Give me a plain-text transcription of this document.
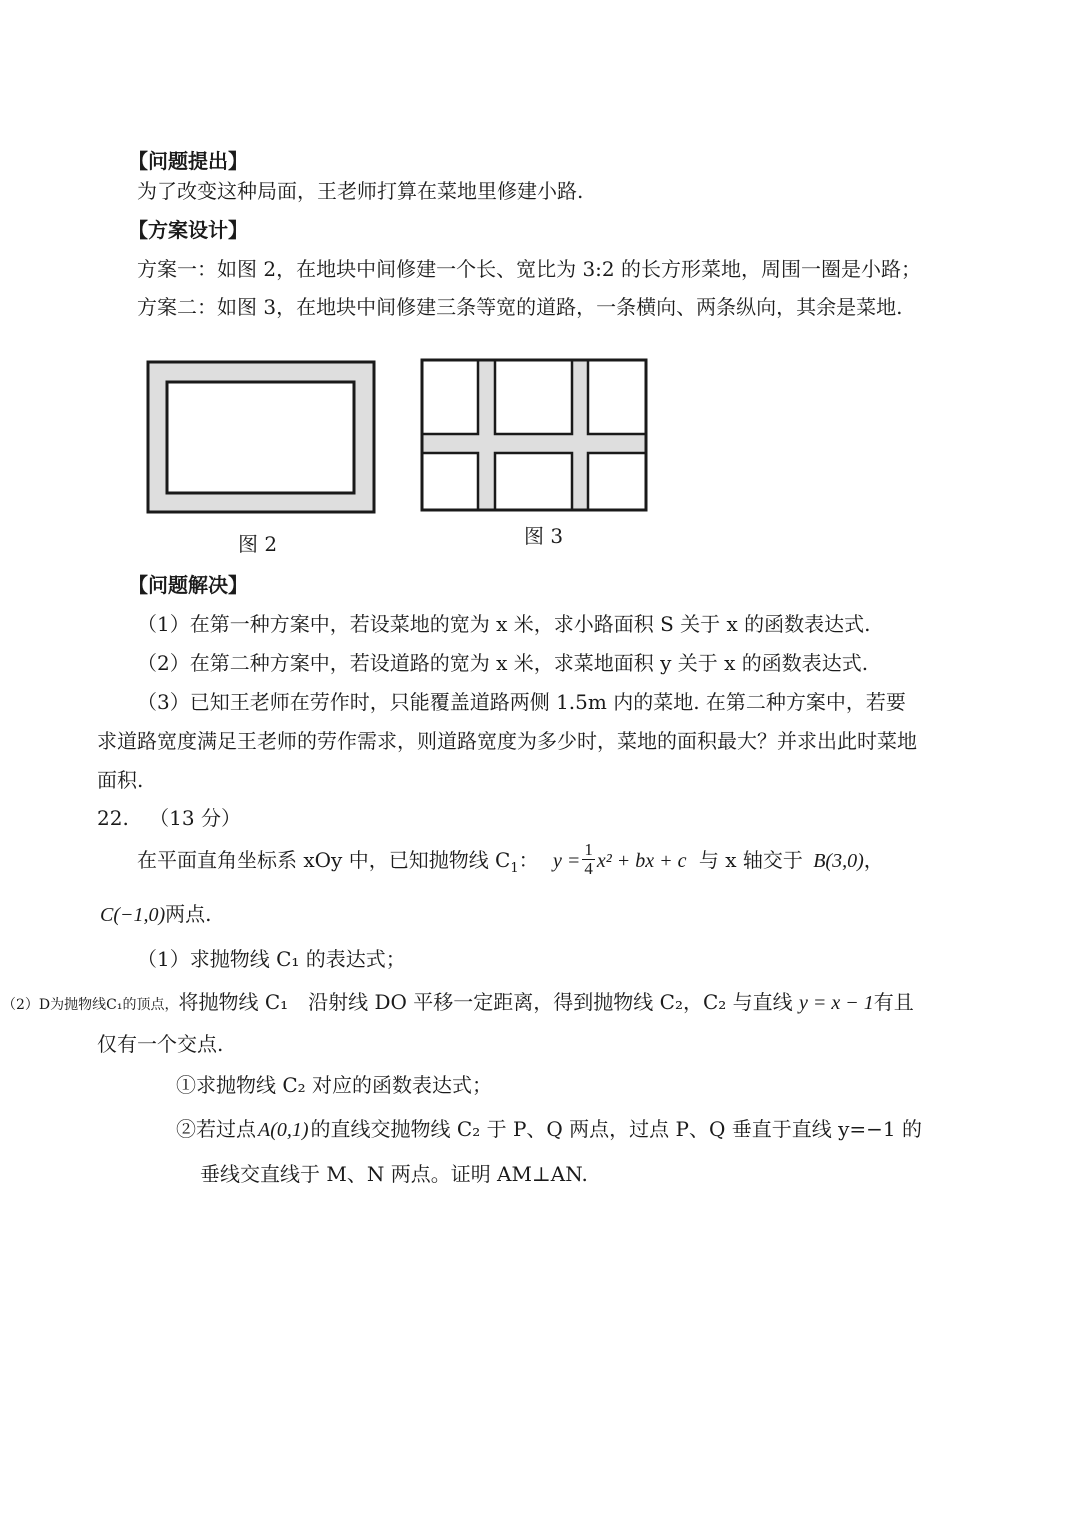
【问题提出】
为了改变这种局面，王老师打算在菜地里修建小路.
【方案设计】
方案一：如图 2，在地块中间修建一个长、宽比为 3:2 的长方形菜地，周围一圈是小路；
方案二：如图 3，在地块中间修建三条等宽的道路，一条横向、两条纵向，其余是菜地.
图 2	图 3
【问题解决】
（1）在第一种方案中，若设菜地的宽为 x 米，求小路面积 S 关于 x 的函数表达式.
（2）在第二种方案中，若设道路的宽为 x 米，求菜地面积 y 关于 x 的函数表达式.
（3）已知王老师在劳作时，只能覆盖道路两侧 1.5m 内的菜地. 在第二种方案中，若要
求道路宽度满足王老师的劳作需求，则道路宽度为多少时，菜地的面积最大？并求出此时菜地
面积.
22. （13 分）
在平面直角坐标系 xOy 中，已知抛物线 $C_1$： $y = \frac{1}{4} x^2$ + bx + c 与 x 轴交于 B(3,0)，
C(−1,0)两点.
（1）求抛物线 C₁ 的表达式；
（2）D为抛物线C₁的顶点，将抛物线 C₁　沿射线 DO 平移一定距离，得到抛物线 C₂，C₂ 与直线 y = x − 1有且
仅有一个交点.
①求抛物线 C₂ 对应的函数表达式；
②若过点 A(0,1) 的直线交抛物线 C₂ 于 P、Q 两点，过点 P、Q 垂直于直线 y=−1 的
垂线交直线于 M、N 两点。证明 AM⊥AN.
